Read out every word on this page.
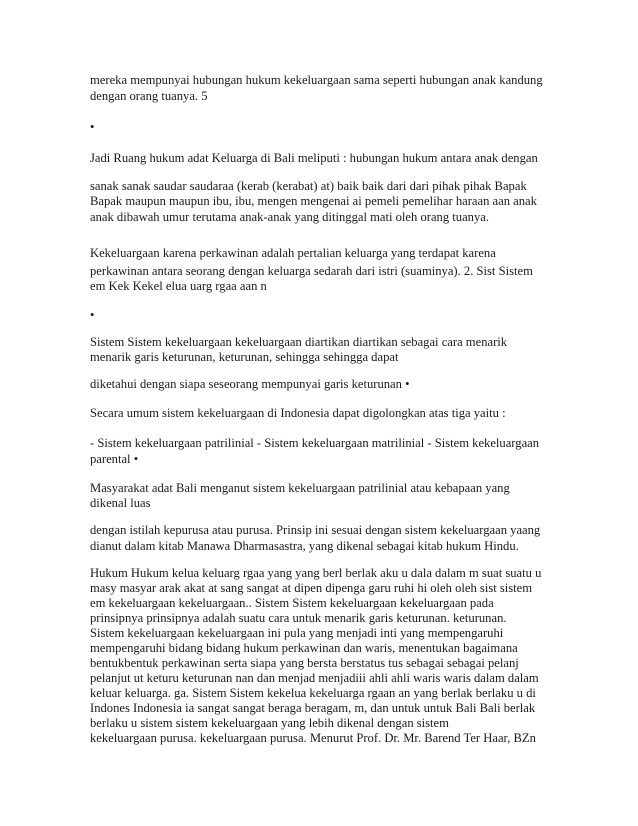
mereka mempunyai hubungan hukum kekeluargaan sama seperti hubungan anak kandung
dengan orang tuanya. 5
•
Jadi Ruang hukum adat Keluarga di Bali meliputi : hubungan hukum antara anak dengan
sanak sanak saudar saudaraa (kerab (kerabat) at) baik baik dari dari pihak pihak Bapak
Bapak maupun maupun ibu, ibu, mengen mengenai ai pemeli pemelihar haraan aan anak
anak dibawah umur terutama anak-anak yang ditinggal mati oleh orang tuanya.
Kekeluargaan karena perkawinan adalah pertalian keluarga yang terdapat karena
perkawinan antara seorang dengan keluarga sedarah dari istri (suaminya). 2. Sist Sistem
em Kek Kekel elua uarg rgaa aan n
•
Sistem Sistem kekeluargaan kekeluargaan diartikan diartikan sebagai cara menarik
menarik garis keturunan, keturunan, sehingga sehingga dapat
diketahui dengan siapa seseorang mempunyai garis keturunan •
Secara umum sistem kekeluargaan di Indonesia dapat digolongkan atas tiga yaitu :
- Sistem kekeluargaan patrilinial - Sistem kekeluargaan matrilinial - Sistem kekeluargaan
parental •
Masyarakat adat Bali menganut sistem kekeluargaan patrilinial atau kebapaan yang
dikenal luas
dengan istilah kepurusa atau purusa. Prinsip ini sesuai dengan sistem kekeluargaan yaang
dianut dalam kitab Manawa Dharmasastra, yang dikenal sebagai kitab hukum Hindu.
Hukum Hukum kelua keluarg rgaa yang yang berl berlak aku u dala dalam m suat suatu u
masy masyar arak akat at sang sangat at dipen dipenga garu ruhi hi oleh oleh sist sistem
em kekeluargaan kekeluargaan.. Sistem Sistem kekeluargaan kekeluargaan pada
prinsipnya prinsipnya adalah suatu cara untuk menarik garis keturunan. keturunan.
Sistem kekeluargaan kekeluargaan ini pula yang menjadi inti yang mempengaruhi
mempengaruhi bidang bidang hukum perkawinan dan waris, menentukan bagaimana
bentukbentuk perkawinan serta siapa yang bersta berstatus tus sebagai sebagai pelanj
pelanjut ut keturu keturunan nan dan menjad menjadiii ahli ahli waris waris dalam dalam
keluar keluarga. ga. Sistem Sistem kekelua kekeluarga rgaan an yang berlak berlaku u di
Indones Indonesia ia sangat sangat beraga beragam, m, dan untuk untuk Bali Bali berlak
berlaku u sistem sistem kekeluargaan yang lebih dikenal dengan sistem
kekeluargaan purusa. kekeluargaan purusa. Menurut Prof. Dr. Mr. Barend Ter Haar, BZn
